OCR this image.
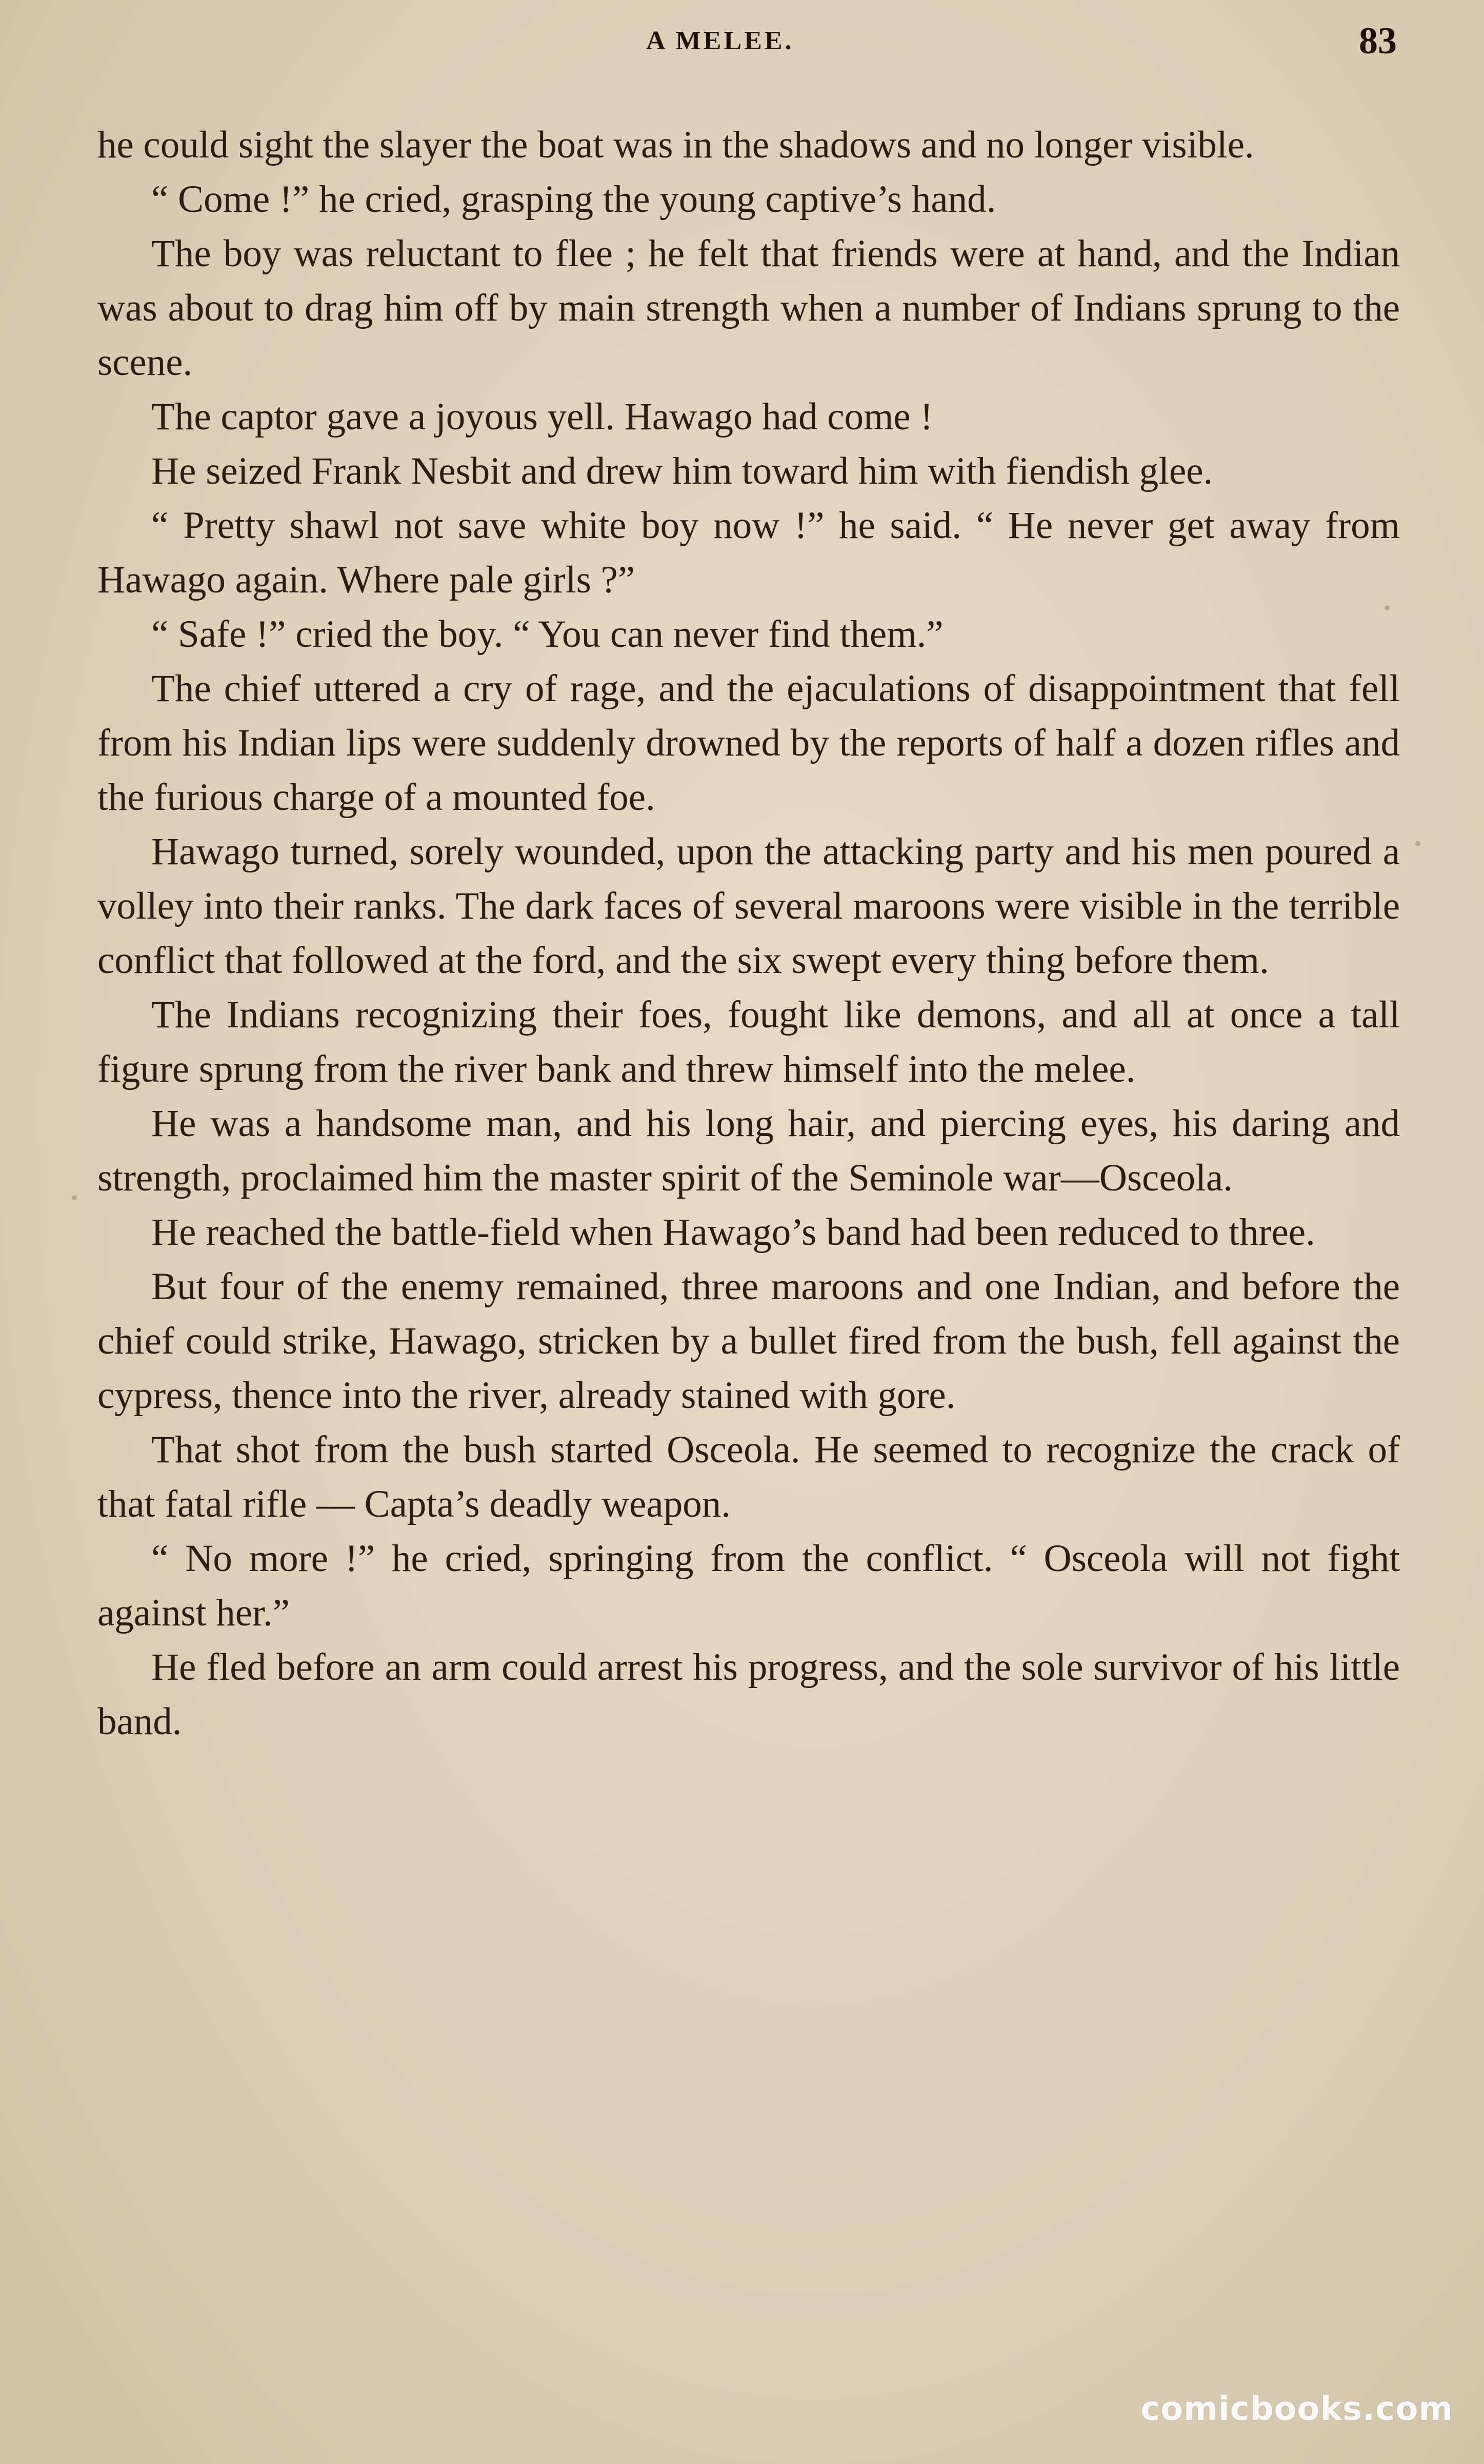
A MELEE.	83

he could sight the slayer the boat was in the shadows and no longer visible.

“ Come !” he cried, grasping the young captive’s hand.

The boy was reluctant to flee ; he felt that friends were at hand, and the Indian was about to drag him off by main strength when a number of Indians sprung to the scene.

The captor gave a joyous yell. Hawago had come !

He seized Frank Nesbit and drew him toward him with fiendish glee.

“ Pretty shawl not save white boy now !” he said. “ He never get away from Hawago again. Where pale girls ?”

“ Safe !” cried the boy. “ You can never find them.”

The chief uttered a cry of rage, and the ejaculations of disappointment that fell from his Indian lips were suddenly drowned by the reports of half a dozen rifles and the furious charge of a mounted foe.

Hawago turned, sorely wounded, upon the attacking party and his men poured a volley into their ranks. The dark faces of several maroons were visible in the terrible conflict that followed at the ford, and the six swept every thing before them.

The Indians recognizing their foes, fought like demons, and all at once a tall figure sprung from the river bank and threw himself into the melee.

He was a handsome man, and his long hair, and piercing eyes, his daring and strength, proclaimed him the master spirit of the Seminole war—Osceola.

He reached the battle-field when Hawago’s band had been reduced to three.

But four of the enemy remained, three maroons and one Indian, and before the chief could strike, Hawago, stricken by a bullet fired from the bush, fell against the cypress, thence into the river, already stained with gore.

That shot from the bush started Osceola. He seemed to recognize the crack of that fatal rifle — Capta’s deadly weapon.

“ No more !” he cried, springing from the conflict. “ Osceola will not fight against her.”

He fled before an arm could arrest his progress, and the sole survivor of his little band.

comicbooks.com
